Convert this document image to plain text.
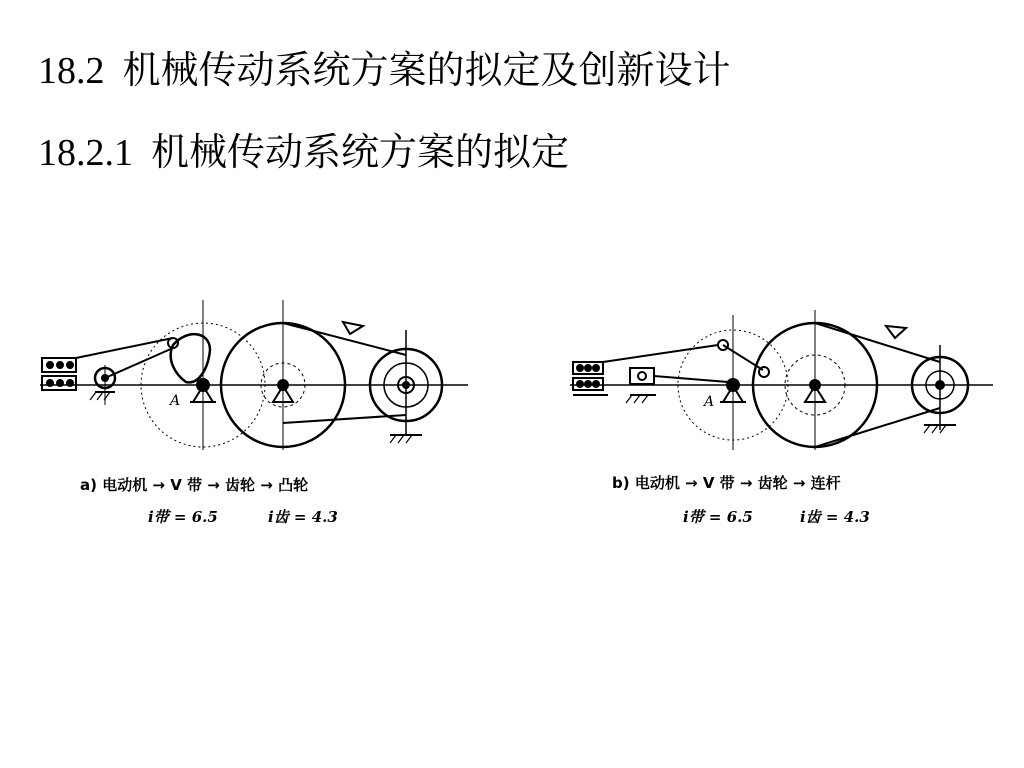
18.2 机械传动系统方案的拟定及创新设计
18.2.1 机械传动系统方案的拟定
A
a) 电动机 → V 带 → 齿轮 → 凸轮
i带 = 6.5	i齿 = 4.3
A
b) 电动机 → V 带 → 齿轮 → 连杆
i带 = 6.5	i齿 = 4.3
